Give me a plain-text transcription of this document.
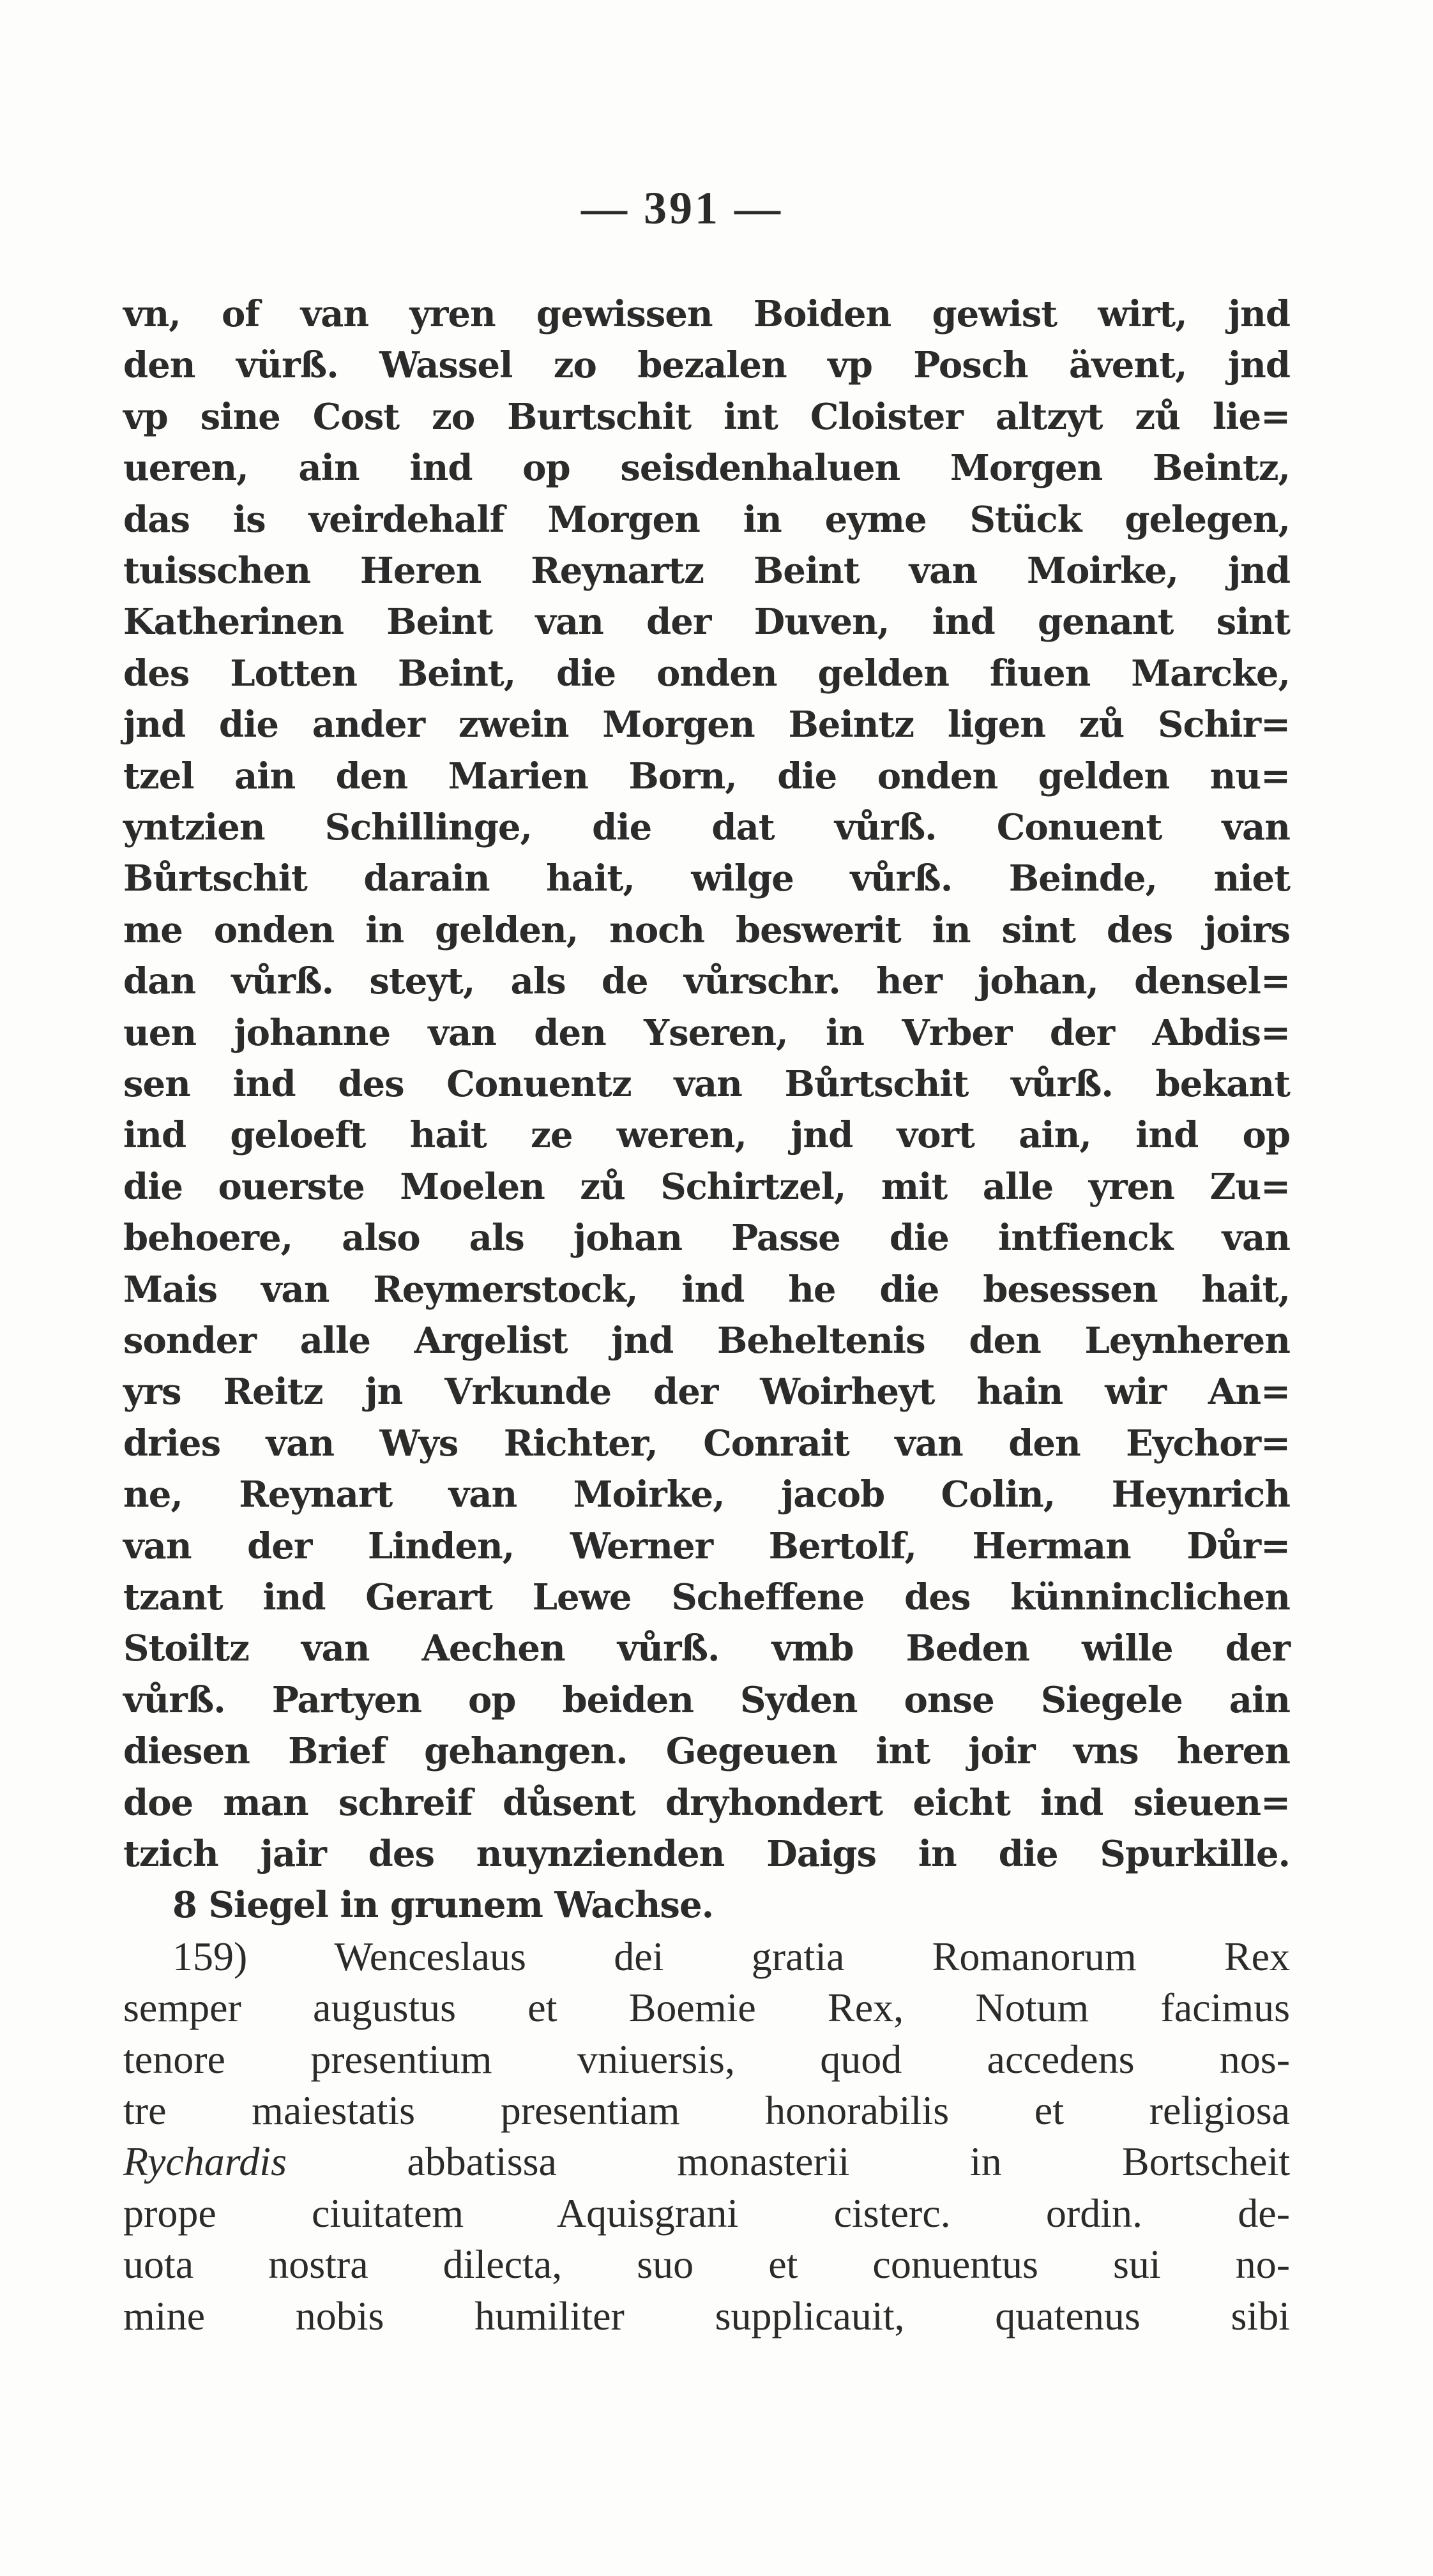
— 391 —
vn, of van yren gewissen Boiden gewist wirt, jnd
den vürß. Wassel zo bezalen vp Posch ävent, jnd
vp sine Cost zo Burtschit int Cloister altzyt zů lie=
ueren, ain ind op seisdenhaluen Morgen Beintz,
das is veirdehalf Morgen in eyme Stück gelegen,
tuisschen Heren Reynartz Beint van Moirke, jnd
Katherinen Beint van der Duven, ind genant sint
des Lotten Beint, die onden gelden fiuen Marcke,
jnd die ander zwein Morgen Beintz ligen zů Schir=
tzel ain den Marien Born, die onden gelden nu=
yntzien Schillinge, die dat vůrß. Conuent van
Bůrtschit darain hait, wilge vůrß. Beinde, niet
me onden in gelden, noch beswerit in sint des joirs
dan vůrß. steyt, als de vůrschr. her johan, densel=
uen johanne van den Yseren, in Vrber der Abdis=
sen ind des Conuentz van Bůrtschit vůrß. bekant
ind geloeft hait ze weren, jnd vort ain, ind op
die ouerste Moelen zů Schirtzel, mit alle yren Zu=
behoere, also als johan Passe die intfienck van
Mais van Reymerstock, ind he die besessen hait,
sonder alle Argelist jnd Beheltenis den Leynheren
yrs Reitz jn Vrkunde der Woirheyt hain wir An=
dries van Wys Richter, Conrait van den Eychor=
ne, Reynart van Moirke, jacob Colin, Heynrich
van der Linden, Werner Bertolf, Herman Důr=
tzant ind Gerart Lewe Scheffene des künninclichen
Stoiltz van Aechen vůrß. vmb Beden wille der
vůrß. Partyen op beiden Syden onse Siegele ain
diesen Brief gehangen. Gegeuen int joir vns heren
doe man schreif důsent dryhondert eicht ind sieuen=
tzich jair des nuynzienden Daigs in die Spurkille.
8 Siegel in grunem Wachse.
159) Wenceslaus dei gratia Romanorum Rex
semper augustus et Boemie Rex, Notum facimus
tenore presentium vniuersis, quod accedens nos-
tre maiestatis presentiam honorabilis et religiosa
Rychardis	abbatissa monasterii in Bortscheit
prope ciuitatem Aquisgrani cisterc. ordin. de-
uota nostra dilecta, suo et conuentus sui no-
mine nobis humiliter supplicauit, quatenus sibi
